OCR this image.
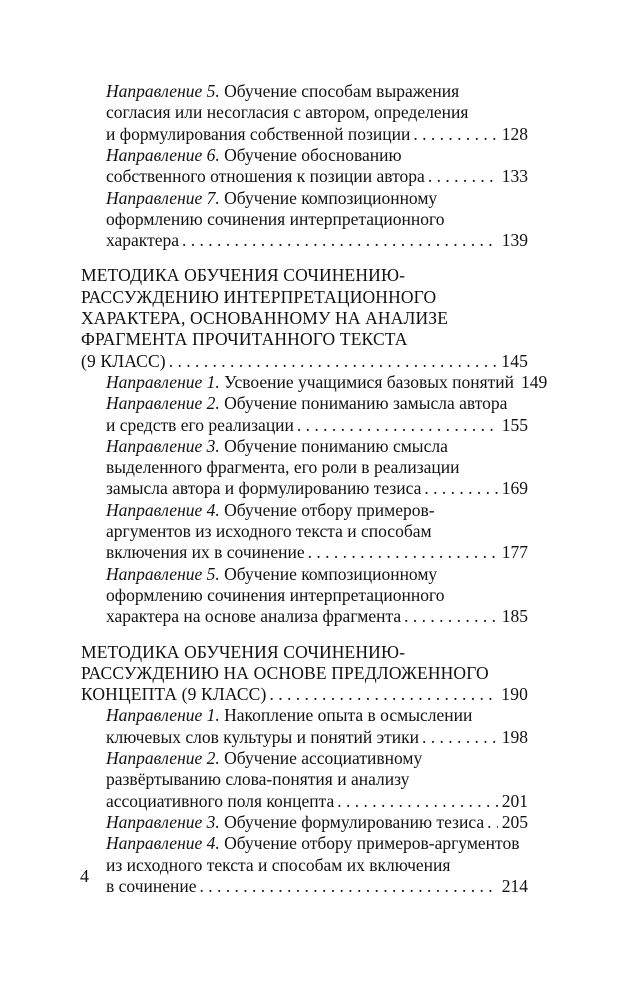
Направление 5. Обучение способам выражения
согласия или несогласия с автором, определения
и формулирования собственной позиции . . .	128
Направление 6. Обучение обоснованию
собственного отношения к позиции автора . . .	133
Направление 7. Обучение композиционному
оформлению сочинения интерпретационного
характера . . .	139
МЕТОДИКА ОБУЧЕНИЯ СОЧИНЕНИЮ-
РАССУЖДЕНИЮ ИНТЕРПРЕТАЦИОННОГО
ХАРАКТЕРА, ОСНОВАННОМУ НА АНАЛИЗЕ
ФРАГМЕНТА ПРОЧИТАННОГО ТЕКСТА
(9 КЛАСС) . . .	145
Направление 1. Усвоение учащимися базовых понятий 149
Направление 2. Обучение пониманию замысла автора
и средств его реализации . . .	155
Направление 3. Обучение пониманию смысла
выделенного фрагмента, его роли в реализации
замысла автора и формулированию тезиса . . .	169
Направление 4. Обучение отбору примеров-
аргументов из исходного текста и способам
включения их в сочинение . . .	177
Направление 5. Обучение композиционному
оформлению сочинения интерпретационного
характера на основе анализа фрагмента . . .	185
МЕТОДИКА ОБУЧЕНИЯ СОЧИНЕНИЮ-
РАССУЖДЕНИЮ НА ОСНОВЕ ПРЕДЛОЖЕННОГО
КОНЦЕПТА (9 КЛАСС) . . .	190
Направление 1. Накопление опыта в осмыслении
ключевых слов культуры и понятий этики . . .	198
Направление 2. Обучение ассоциативному
развёртыванию слова-понятия и анализу
ассоциативного поля концепта . . .	201
Направление 3. Обучение формулированию тезиса . . . 205
Направление 4. Обучение отбору примеров-аргументов
из исходного текста и способам их включения
в сочинение . . .	214
4
